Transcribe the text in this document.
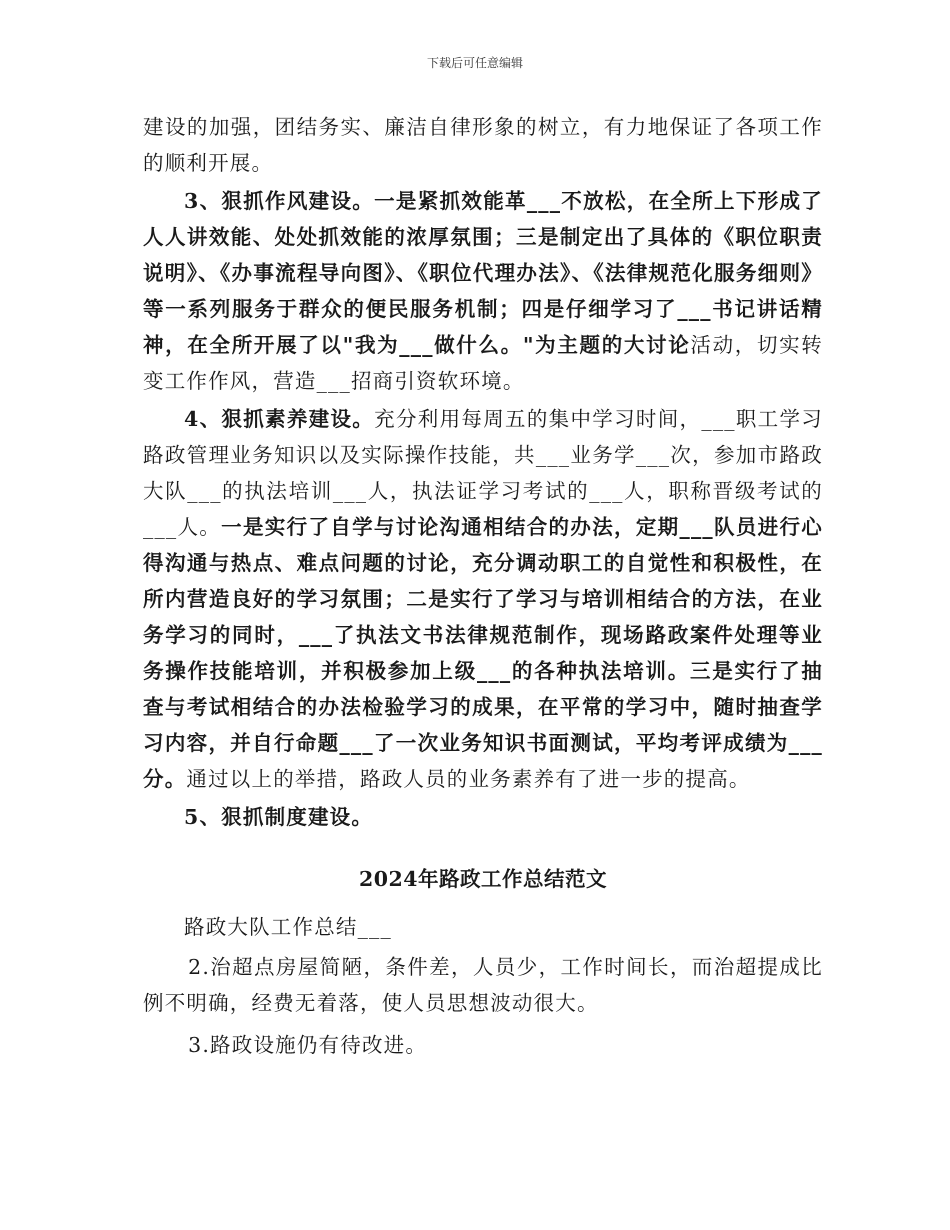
下载后可任意编辑

建设的加强，团结务实、廉洁自律形象的树立，有力地保证了各项工作的顺利开展。

3、狠抓作风建设。一是紧抓效能革___不放松，在全所上下形成了人人讲效能、处处抓效能的浓厚氛围；三是制定出了具体的《职位职责说明》、《办事流程导向图》、《职位代理办法》、《法律规范化服务细则》等一系列服务于群众的便民服务机制；四是仔细学习了___书记讲话精神，在全所开展了以"我为___做什么。"为主题的大讨论活动，切实转变工作作风，营造___招商引资软环境。

4、狠抓素养建设。充分利用每周五的集中学习时间，___职工学习路政管理业务知识以及实际操作技能，共___业务学___次，参加市路政大队___的执法培训___人，执法证学习考试的___人，职称晋级考试的___人。一是实行了自学与讨论沟通相结合的办法，定期___队员进行心得沟通与热点、难点问题的讨论，充分调动职工的自觉性和积极性，在所内营造良好的学习氛围；二是实行了学习与培训相结合的方法，在业务学习的同时，___了执法文书法律规范制作，现场路政案件处理等业务操作技能培训，并积极参加上级___的各种执法培训。三是实行了抽查与考试相结合的办法检验学习的成果，在平常的学习中，随时抽查学习内容，并自行命题___了一次业务知识书面测试，平均考评成绩为___分。通过以上的举措，路政人员的业务素养有了进一步的提高。

5、狠抓制度建设。

2024年路政工作总结范文

路政大队工作总结___

2.治超点房屋简陋，条件差，人员少，工作时间长，而治超提成比例不明确，经费无着落，使人员思想波动很大。

3.路政设施仍有待改进。
